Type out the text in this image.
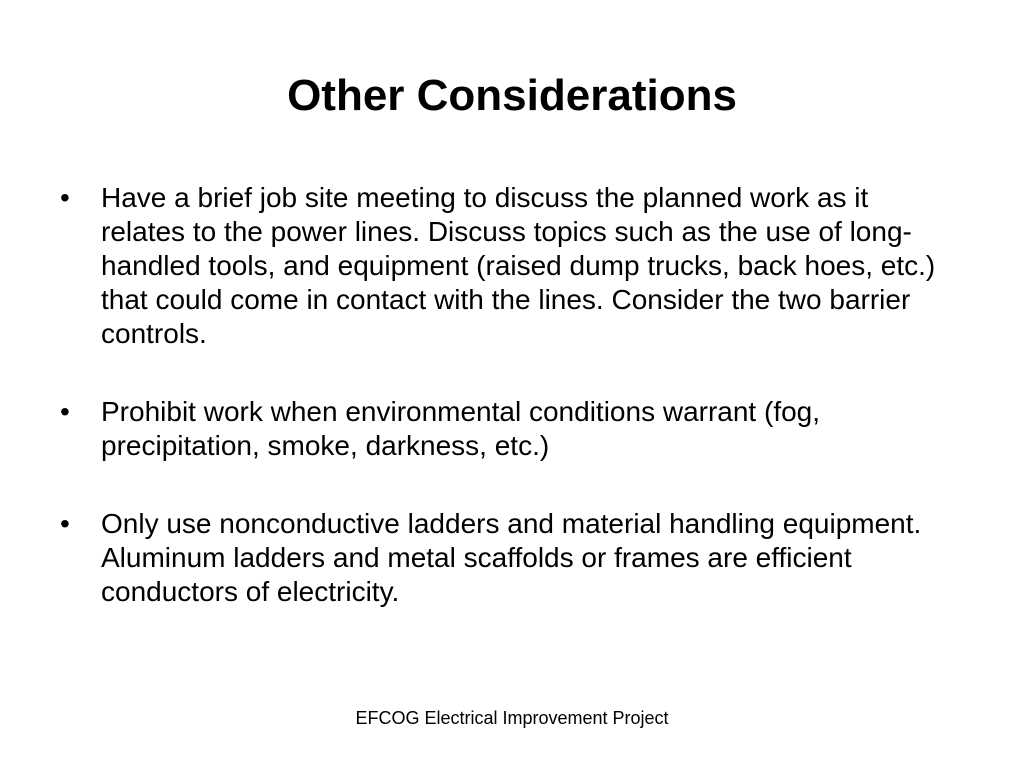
Other Considerations
•	Have a brief job site meeting to discuss the planned work as it relates to the power lines. Discuss topics such as the use of long-handled tools, and equipment (raised dump trucks, back hoes, etc.) that could come in contact with the lines. Consider the two barrier controls.
•	Prohibit work when environmental conditions warrant (fog, precipitation, smoke, darkness, etc.)
•	Only use nonconductive ladders and material handling equipment. Aluminum ladders and metal scaffolds or frames are efficient conductors of electricity.
EFCOG Electrical Improvement Project
